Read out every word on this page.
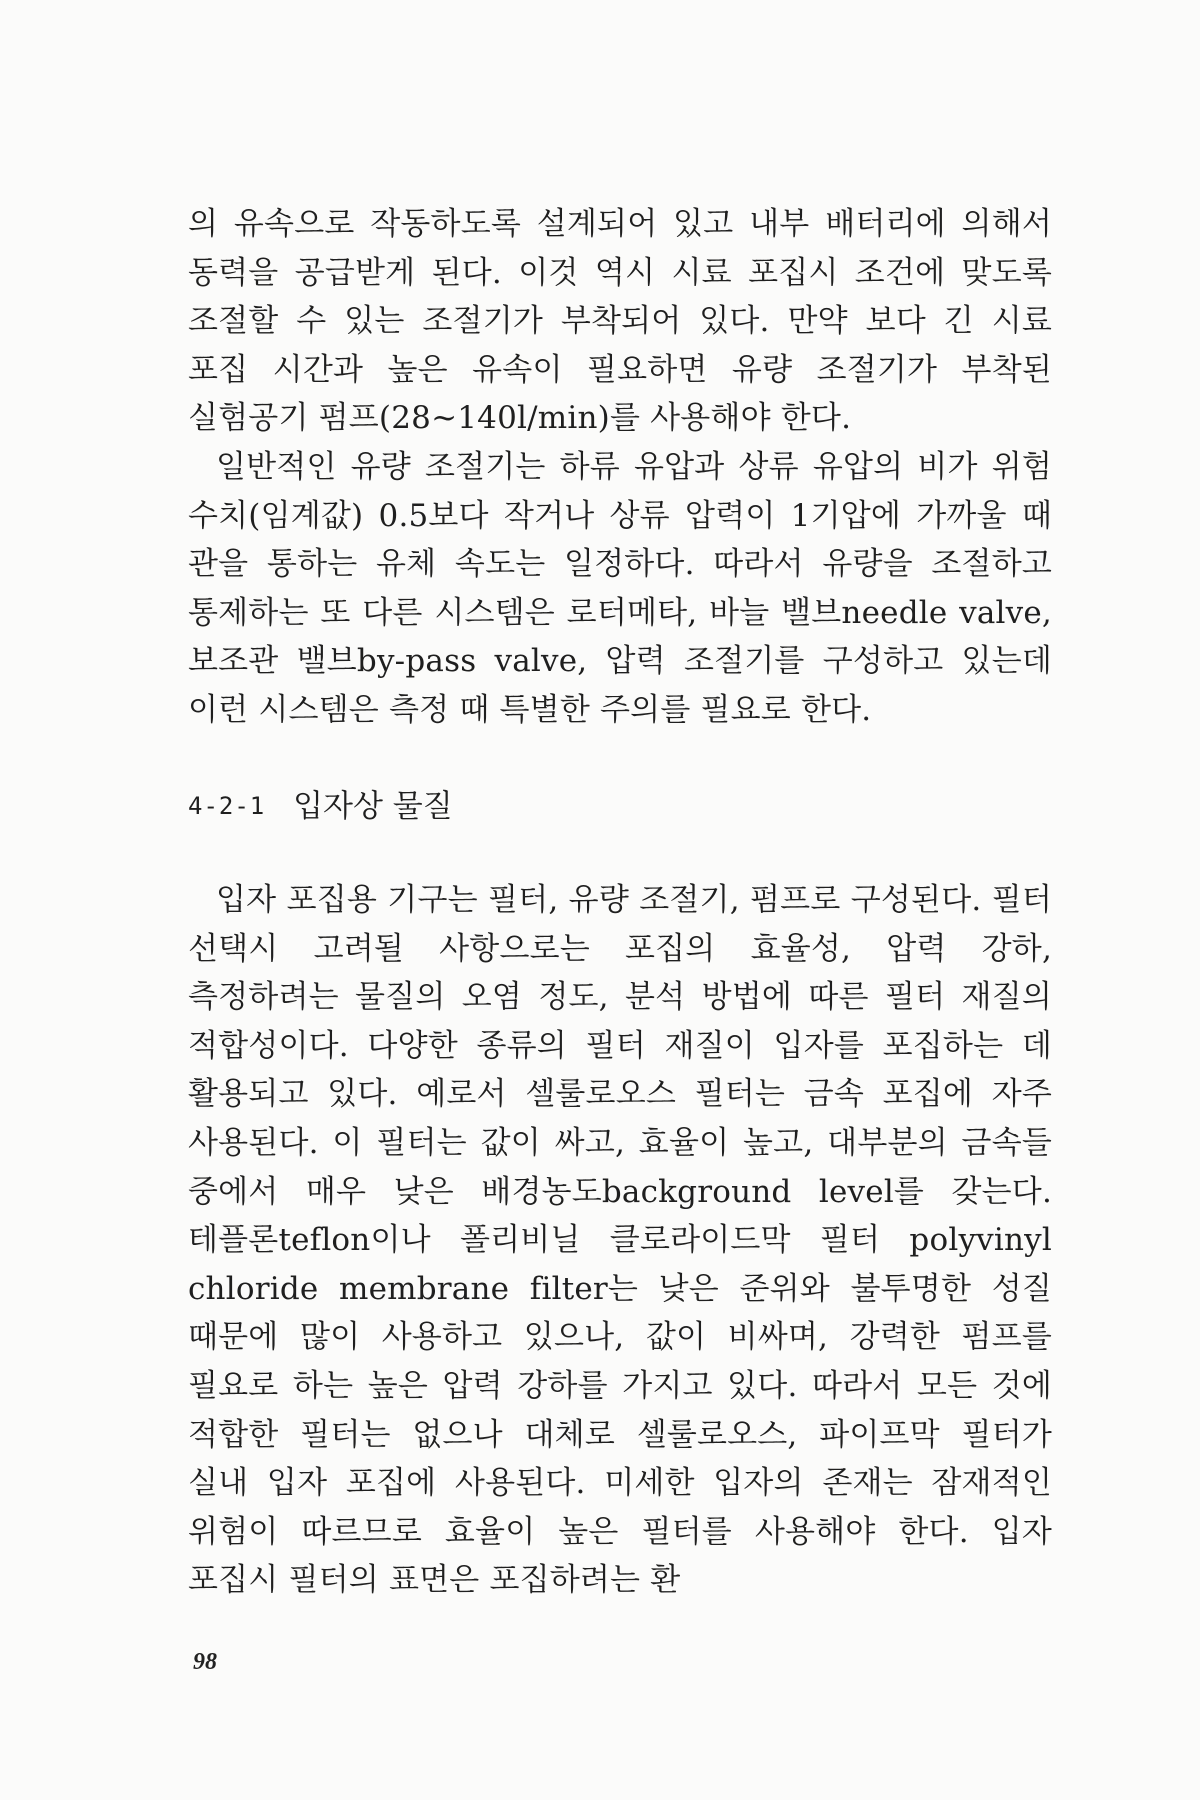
의 유속으로 작동하도록 설계되어 있고 내부 배터리에 의해서 동력을 공급받게 된다. 이것 역시 시료 포집시 조건에 맞도록 조절할 수 있는 조절기가 부착되어 있다. 만약 보다 긴 시료 포집 시간과 높은 유속이 필요하면 유량 조절기가 부착된 실험공기 펌프(28~140l/min)를 사용해야 한다.

일반적인 유량 조절기는 하류 유압과 상류 유압의 비가 위험 수치(임계값) 0.5보다 작거나 상류 압력이 1기압에 가까울 때 관을 통하는 유체 속도는 일정하다. 따라서 유량을 조절하고 통제하는 또 다른 시스템은 로터메타, 바늘 밸브needle valve, 보조관 밸브by-pass valve, 압력 조절기를 구성하고 있는데 이런 시스템은 측정 때 특별한 주의를 필요로 한다.

4-2-1 입자상 물질

입자 포집용 기구는 필터, 유량 조절기, 펌프로 구성된다. 필터 선택시 고려될 사항으로는 포집의 효율성, 압력 강하, 측정하려는 물질의 오염 정도, 분석 방법에 따른 필터 재질의 적합성이다. 다양한 종류의 필터 재질이 입자를 포집하는 데 활용되고 있다. 예로서 셀룰로오스 필터는 금속 포집에 자주 사용된다. 이 필터는 값이 싸고, 효율이 높고, 대부분의 금속들 중에서 매우 낮은 배경농도background level를 갖는다. 테플론teflon이나 폴리비닐 클로라이드막 필터 polyvinyl chloride membrane filter는 낮은 준위와 불투명한 성질 때문에 많이 사용하고 있으나, 값이 비싸며, 강력한 펌프를 필요로 하는 높은 압력 강하를 가지고 있다. 따라서 모든 것에 적합한 필터는 없으나 대체로 셀룰로오스, 파이프막 필터가 실내 입자 포집에 사용된다. 미세한 입자의 존재는 잠재적인 위험이 따르므로 효율이 높은 필터를 사용해야 한다. 입자 포집시 필터의 표면은 포집하려는 환

98
